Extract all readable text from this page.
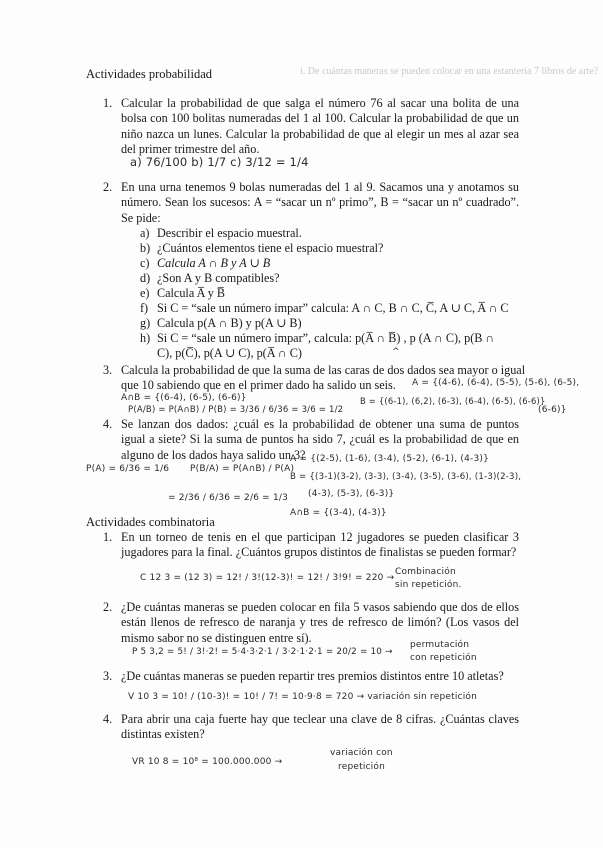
i. De cuántas maneras se pueden colocar en una estantería 7 libros de arte?
Actividades probabilidad
1. Calcular la probabilidad de que salga el número 76 al sacar una bolita de una bolsa con 100 bolitas numeradas del 1 al 100. Calcular la probabilidad de que un niño nazca un lunes. Calcular la probabilidad de que al elegir un mes al azar sea del primer trimestre del año.

a) 76/100 b) 1/7 c) 3/12 = 1/4
2. En una urna tenemos 9 bolas numeradas del 1 al 9. Sacamos una y anotamos su número. Sean los sucesos: A = “sacar un nº primo”, B = “sacar un nº cuadrado”. Se pide:

a) Describir el espacio muestral.
b) ¿Cuántos elementos tiene el espacio muestral?
c) Calcula A ∩ B y A ∪ B
d) ¿Son A y B compatibles?
e) Calcula A̅ y B̅
f) Si C = “sale un número impar” calcula: A ∩ C, B ∩ C, C̅, A ∪ C, A̅ ∩ C
g) Calcula p(A ∩ B) y p(A ∪ B)
h) Si C = “sale un número impar”, calcula: p(A̅ ∩ B̅) , p (A ∩ C), p(B ∩
C), p(C̅), p(A ∪ C), p(A̅ ∩ C)	^
3. Calcula la probabilidad de que la suma de las caras de dos dados sea mayor o igual

que 10 sabiendo que en el primer dado ha salido un seis.	A = {(4-6), (6-4), (5-5), (5-6), (6-5),
A∩B = {(6-4), (6-5), (6-6)}	B = {(6-1), (6,2), (6-3), (6-4), (6-5), (6-6)}
P(A/B) = P(A∩B) / P(B) = 3/36 / 6/36 = 3/6 = 1/2	(6-6)}
4. Se lanzan dos dados: ¿cuál es la probabilidad de obtener una suma de puntos igual a siete? Si la suma de puntos ha sido 7, ¿cuál es la probabilidad de que en alguno de los dados haya salido un 3?

P(A) = 6/36 = 1/6 P(B/A) = P(A∩B) / P(A)
A = {(2-5), (1-6), (3-4), (5-2), (6-1), (4-3)}
B = {(3-1)(3-2), (3-3), (3-4), (3-5), (3-6), (1-3)(2-3),
(4-3), (5-3), (6-3)}
= 2/36 / 6/36 = 2/6 = 1/3
A∩B = {(3-4), (4-3)}
Actividades combinatoria
1. En un torneo de tenis en el que participan 12 jugadores se pueden clasificar 3 jugadores para la final. ¿Cuántos grupos distintos de finalistas se pueden formar?

C 12 3 = (12 3) = 12! / 3!(12-3)! = 12! / 3!9! = 220 →
Combinación
sin repetición.
2. ¿De cuántas maneras se pueden colocar en fila 5 vasos sabiendo que dos de ellos están llenos de refresco de naranja y tres de refresco de limón? (Los vasos del mismo sabor no se distinguen entre sí).

P 5 3,2 = 5! / 3!·2! = 5·4·3·2·1 / 3·2·1·2·1 = 20/2 = 10 →
permutación
con repetición
3. ¿De cuántas maneras se pueden repartir tres premios distintos entre 10 atletas?

V 10 3 = 10! / (10-3)! = 10! / 7! = 10·9·8 = 720 → variación sin repetición
4. Para abrir una caja fuerte hay que teclear una clave de 8 cifras. ¿Cuántas claves distintas existen?

VR 10 8 = 10⁸ = 100.000.000 →
variación con
repetición
